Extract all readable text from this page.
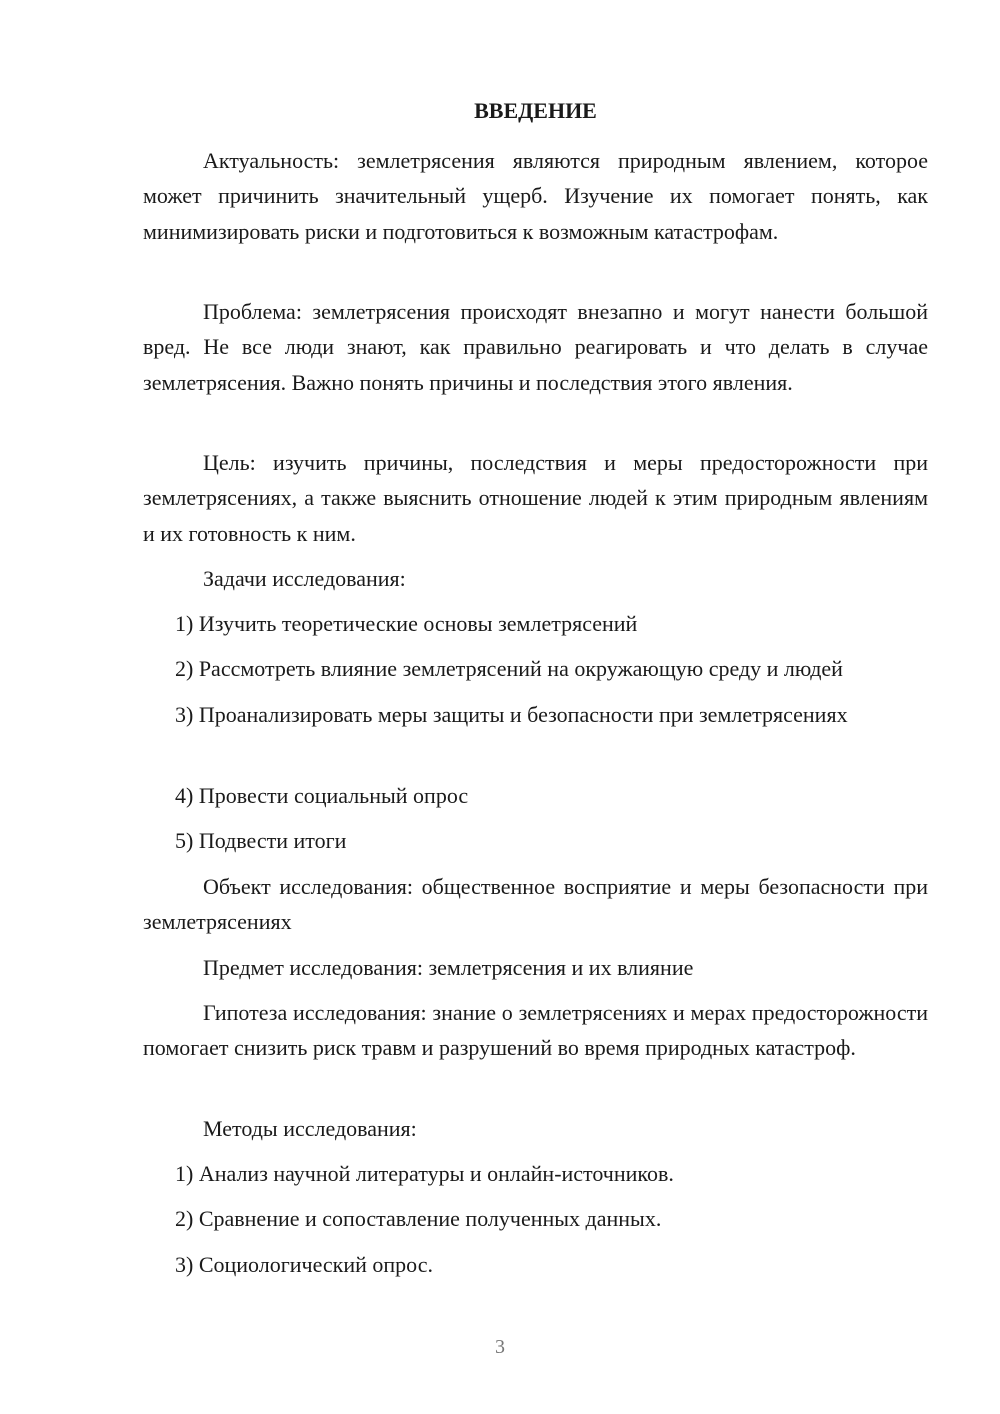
ВВЕДЕНИЕ

Актуальность: землетрясения являются природным явлением, которое может причинить значительный ущерб. Изучение их помогает понять, как минимизировать риски и подготовиться к возможным катастрофам.

Проблема: землетрясения происходят внезапно и могут нанести большой вред. Не все люди знают, как правильно реагировать и что делать в случае землетрясения. Важно понять причины и последствия этого явления.

Цель: изучить причины, последствия и меры предосторожности при землетрясениях, а также выяснить отношение людей к этим природным явлениям и их готовность к ним.

Задачи исследования:

1) Изучить теоретические основы землетрясений

2) Рассмотреть влияние землетрясений на окружающую среду и людей

3) Проанализировать меры защиты и безопасности при землетрясениях

4) Провести социальный опрос

5) Подвести итоги

Объект исследования: общественное восприятие и меры безопасности при землетрясениях

Предмет исследования: землетрясения и их влияние

Гипотеза исследования: знание о землетрясениях и мерах предосторожности помогает снизить риск травм и разрушений во время природных катастроф.

Методы исследования:

1) Анализ научной литературы и онлайн-источников.

2) Сравнение и сопоставление полученных данных.

3) Социологический опрос.

3
